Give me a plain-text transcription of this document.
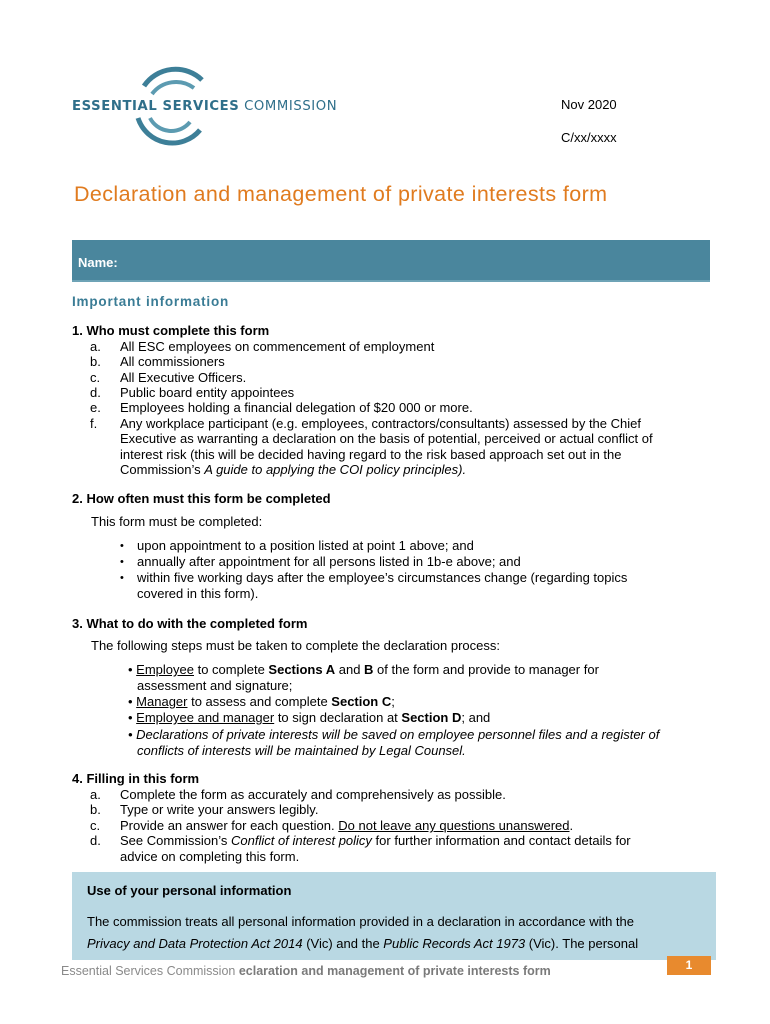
ESSENTIAL SERVICES COMMISSION	Nov 2020
C/xx/xxxx
Declaration and management of private interests form
Name:
Important information
1. Who must complete this form
a. All ESC employees on commencement of employment
b. All commissioners
c. All Executive Officers.
d. Public board entity appointees
e. Employees holding a financial delegation of $20 000 or more.
f. Any workplace participant (e.g. employees, contractors/consultants) assessed by the Chief
Executive as warranting a declaration on the basis of potential, perceived or actual conflict of
interest risk (this will be decided having regard to the risk based approach set out in the
Commission’s A guide to applying the COI policy principles).
2. How often must this form be completed
This form must be completed:
• upon appointment to a position listed at point 1 above; and
• annually after appointment for all persons listed in 1b-e above; and
• within five working days after the employee’s circumstances change (regarding topics
covered in this form).
3. What to do with the completed form
The following steps must be taken to complete the declaration process:
• Employee to complete Sections A and B of the form and provide to manager for
assessment and signature;
• Manager to assess and complete Section C;
• Employee and manager to sign declaration at Section D; and
• Declarations of private interests will be saved on employee personnel files and a register of
conflicts of interests will be maintained by Legal Counsel.
4. Filling in this form
a. Complete the form as accurately and comprehensively as possible.
b. Type or write your answers legibly.
c. Provide an answer for each question. Do not leave any questions unanswered.
d. See Commission’s Conflict of interest policy for further information and contact details for
advice on completing this form.
Use of your personal information
The commission treats all personal information provided in a declaration in accordance with the
Privacy and Data Protection Act 2014 (Vic) and the Public Records Act 1973 (Vic). The personal
Essential Services Commission eclaration and management of private interests form	1
